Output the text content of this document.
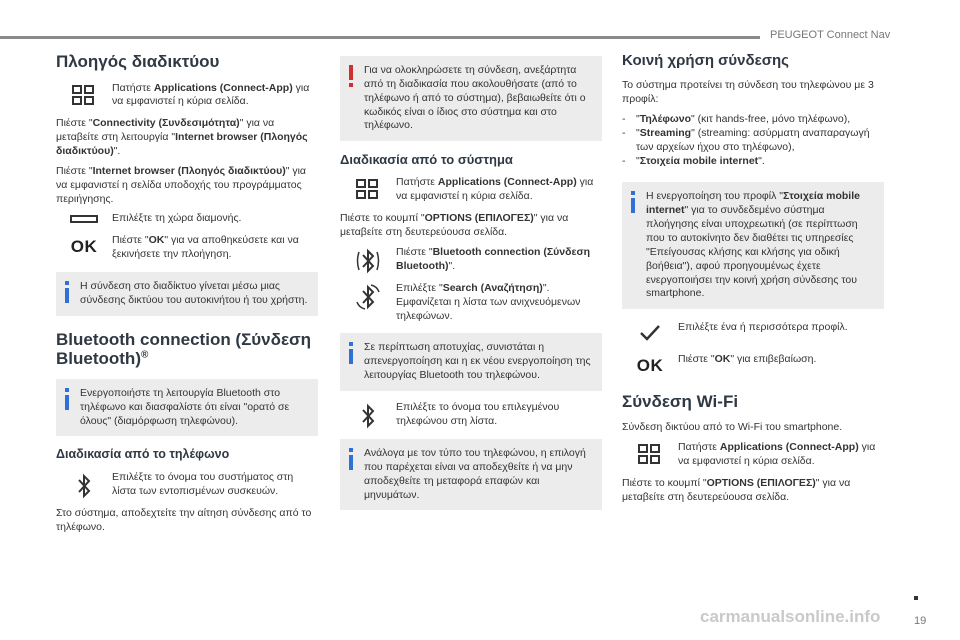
PEUGEOT Connect Nav
Πλοηγός διαδικτύου
Πατήστε Applications (Connect-App) για να εμφανιστεί η κύρια σελίδα.

Πιέστε "Connectivity (Συνδεσιμότητα)" για να μεταβείτε στη λειτουργία "Internet browser (Πλοηγός διαδικτύου)".

Πιέστε "Internet browser (Πλοηγός διαδικτύου)" για να εμφανιστεί η σελίδα υποδοχής του προγράμματος περιήγησης.

Επιλέξτε τη χώρα διαμονής.
OK Πιέστε "OK" για να αποθηκεύσετε και να ξεκινήσετε την πλοήγηση.
Η σύνδεση στο διαδίκτυο γίνεται μέσω μιας σύνδεσης δικτύου του αυτοκινήτου ή του χρήστη.
Bluetooth connection (Σύνδεση Bluetooth)®
Ενεργοποιήστε τη λειτουργία Bluetooth στο τηλέφωνο και διασφαλίστε ότι είναι "ορατό σε όλους" (διαμόρφωση τηλεφώνου).
Διαδικασία από το τηλέφωνο
Επιλέξτε το όνομα του συστήματος στη λίστα των εντοπισμένων συσκευών.

Στο σύστημα, αποδεχτείτε την αίτηση σύνδεσης από το τηλέφωνο.

Για να ολοκληρώσετε τη σύνδεση, ανεξάρτητα από τη διαδικασία που ακολουθήσατε (από το τηλέφωνο ή από το σύστημα), βεβαιωθείτε ότι ο κωδικός είναι ο ίδιος στο σύστημα και στο τηλέφωνο.
Διαδικασία από το σύστημα
Πατήστε Applications (Connect-App) για να εμφανιστεί η κύρια σελίδα.

Πιέστε το κουμπί "OPTIONS (ΕΠΙΛΟΓΕΣ)" για να μεταβείτε στη δευτερεύουσα σελίδα.

Πιέστε "Bluetooth connection (Σύνδεση Bluetooth)".
Επιλέξτε "Search (Αναζήτηση)". Εμφανίζεται η λίστα των ανιχνευόμενων τηλεφώνων.
Σε περίπτωση αποτυχίας, συνιστάται η απενεργοποίηση και η εκ νέου ενεργοποίηση της λειτουργίας Bluetooth του τηλεφώνου.
Επιλέξτε το όνομα του επιλεγμένου τηλεφώνου στη λίστα.
Ανάλογα με τον τύπο του τηλεφώνου, η επιλογή που παρέχεται είναι να αποδεχθείτε ή να μην αποδεχθείτε τη μεταφορά επαφών και μηνυμάτων.
Κοινή χρήση σύνδεσης

Το σύστημα προτείνει τη σύνδεση του τηλεφώνου με 3 προφίλ:

-	"Τηλέφωνο" (κιτ hands-free, μόνο τηλέφωνο),
-	"Streaming" (streaming: ασύρματη αναπαραγωγή των αρχείων ήχου στο τηλέφωνο),
-	"Στοιχεία mobile internet".
Η ενεργοποίηση του προφίλ "Στοιχεία mobile internet" για το συνδεδεμένο σύστημα πλοήγησης είναι υποχρεωτική (σε περίπτωση που το αυτοκίνητο δεν διαθέτει τις υπηρεσίες "Επείγουσας κλήσης και κλήσης για οδική βοήθεια"), αφού προηγουμένως έχετε ενεργοποιήσει την κοινή χρήση σύνδεσης του smartphone.
Επιλέξτε ένα ή περισσότερα προφίλ.
OK Πιέστε "OK" για επιβεβαίωση.
Σύνδεση Wi-Fi

Σύνδεση δικτύου από το Wi-Fi του smartphone.

Πατήστε Applications (Connect-App) για να εμφανιστεί η κύρια σελίδα.

Πιέστε το κουμπί "OPTIONS (ΕΠΙΛΟΓΕΣ)" για να μεταβείτε στη δευτερεύουσα σελίδα.

19
carmanualsonline.info
